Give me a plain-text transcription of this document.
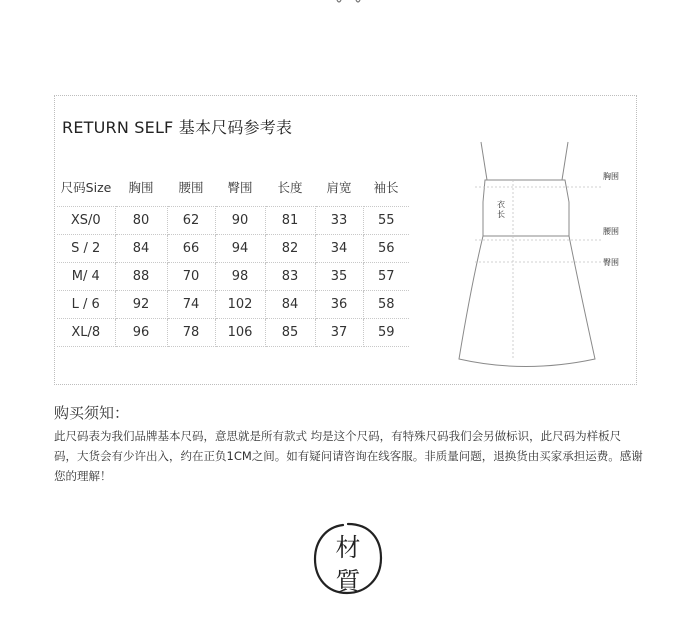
RETURN SELF 基本尺码参考表
尺码Size	胸围	腰围	臀围	长度	肩宽	袖长
XS/0	80	62	90	81	33	55
S / 2	84	66	94	82	34	56
M/ 4	88	70	98	83	35	57
L / 6	92	74	102	84	36	58
XL/8	96	78	106	85	37	59
胸围
衣
长
腰围
臀围
购买须知：
此尺码表为我们品牌基本尺码，意思就是所有款式 均是这个尺码，有特殊尺码我们会另做标识，此尺码为样板尺码，大货会有少许出入，约在正负1CM之间。如有疑问请咨询在线客服。非质量问题，退换货由买家承担运费。感谢您的理解！
材
質
